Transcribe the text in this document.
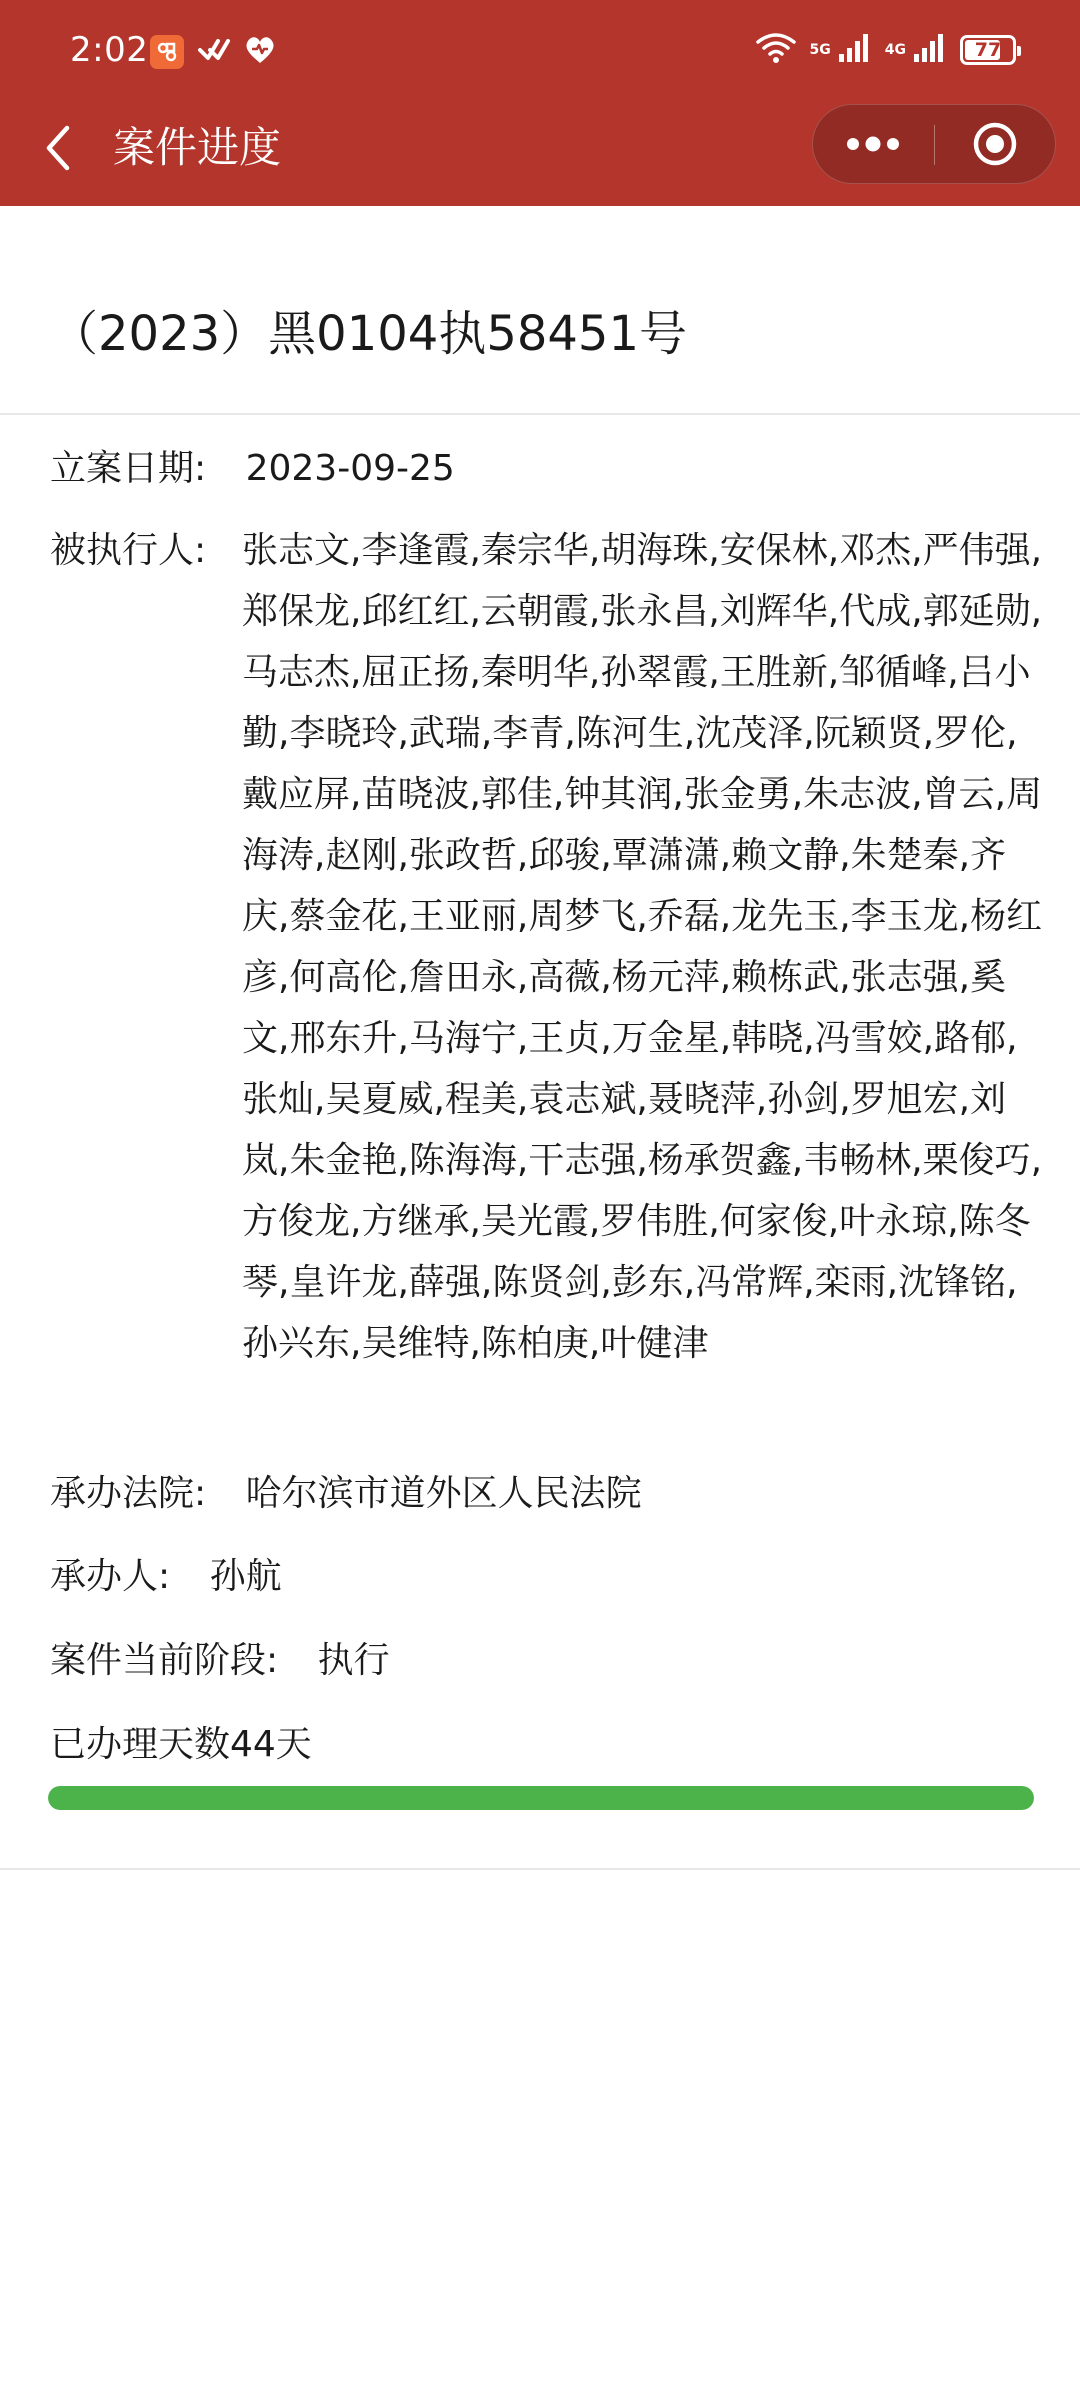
2:02	5G	4G	77
案件进度
（2023）黑0104执58451号
立案日期: 2023-09-25
被执行人: 张志文,李逢霞,秦宗华,胡海珠,安保林,邓杰,严伟强,郑保龙,邱红红,云朝霞,张永昌,刘辉华,代成,郭延勋,马志杰,屈正扬,秦明华,孙翠霞,王胜新,邹循峰,吕小勤,李晓玲,武瑞,李青,陈河生,沈茂泽,阮颖贤,罗伦,戴应屏,苗晓波,郭佳,钟其润,张金勇,朱志波,曾云,周海涛,赵刚,张政哲,邱骏,覃潇潇,赖文静,朱楚秦,齐庆,蔡金花,王亚丽,周梦飞,乔磊,龙先玉,李玉龙,杨红彦,何高伦,詹田永,高薇,杨元萍,赖栋武,张志强,奚文,邢东升,马海宁,王贞,万金星,韩晓,冯雪姣,路郁,张灿,吴夏威,程美,袁志斌,聂晓萍,孙剑,罗旭宏,刘岚,朱金艳,陈海海,干志强,杨承贺鑫,韦畅林,栗俊巧,方俊龙,方继承,吴光霞,罗伟胜,何家俊,叶永琼,陈冬琴,皇许龙,薛强,陈贤剑,彭东,冯常辉,栾雨,沈锋铭,孙兴东,吴维特,陈柏庚,叶健津
承办法院: 哈尔滨市道外区人民法院
承办人: 孙航
案件当前阶段: 执行
已办理天数44天
